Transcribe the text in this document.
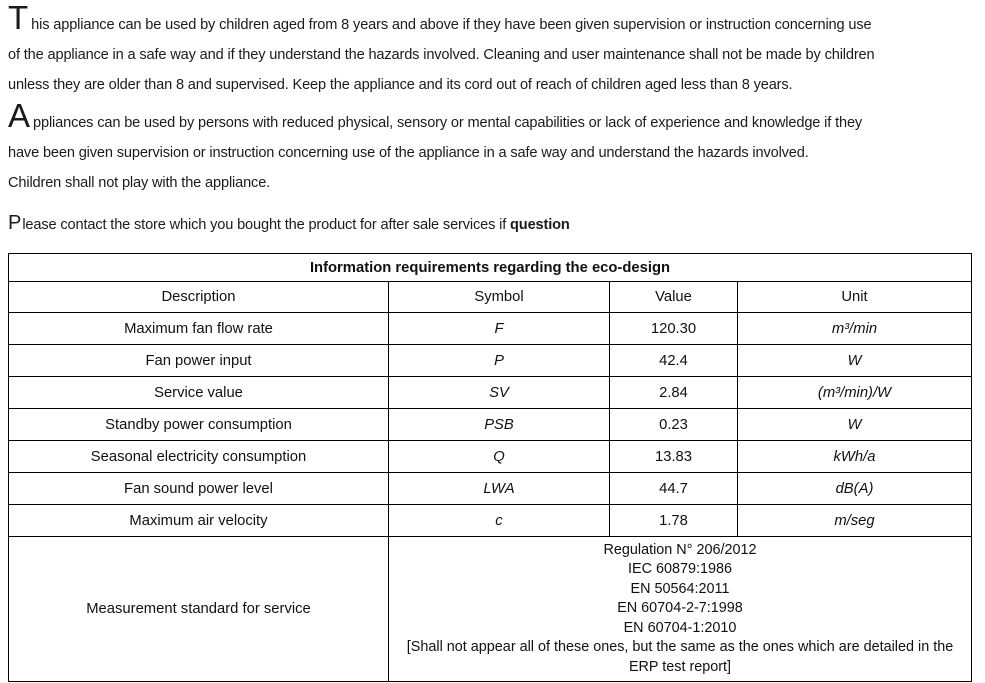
This appliance can be used by children aged from 8 years and above if they have been given supervision or instruction concerning use
of the appliance in a safe way and if they understand the hazards involved. Cleaning and user maintenance shall not be made by children
unless they are older than 8 and supervised. Keep the appliance and its cord out of reach of children aged less than 8 years.

Appliances can be used by persons with reduced physical, sensory or mental capabilities or lack of experience and knowledge if they
have been given supervision or instruction concerning use of the appliance in a safe way and understand the hazards involved.
Children shall not play with the appliance.

Please contact the store which you bought the product for after sale services if question

Information requirements regarding the eco-design			
Description	Symbol	Value	Unit
Maximum fan flow rate	F	120.30	m³/min
Fan power input	P	42.4	W
Service value	SV	2.84	(m³/min)/W
Standby power consumption	PSB	0.23	W
Seasonal electricity consumption	Q	13.83	kWh/a
Fan sound power level	LWA	44.7	dB(A)
Maximum air velocity	c	1.78	m/seg
Measurement standard for service	
Regulation N° 206/2012
IEC 60879:1986
EN 50564:2011
EN 60704-2-7:1998
EN 60704-1:2010
[Shall not appear all of these ones, but the same as the ones which are detailed in the ERP test report]
